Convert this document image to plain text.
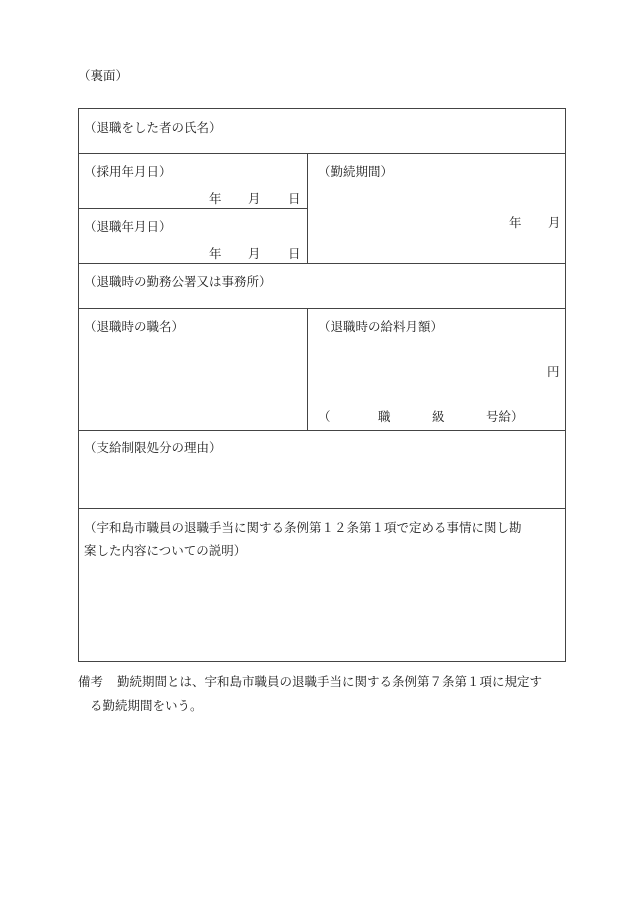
（裏面）
（退職をした者の氏名）
（採用年月日）
年 月 日
（退職年月日）
年 月 日
（勤続期間）
年 月
（退職時の勤務公署又は事務所）
（退職時の職名）	（退職時の給料月額）
円
（	職	級	号給）
（支給制限処分の理由）
（宇和島市職員の退職手当に関する条例第１２条第１項で定める事情に関し勘
案した内容についての説明）
備考 勤続期間とは、宇和島市職員の退職手当に関する条例第７条第１項に規定す
る勤続期間をいう。
